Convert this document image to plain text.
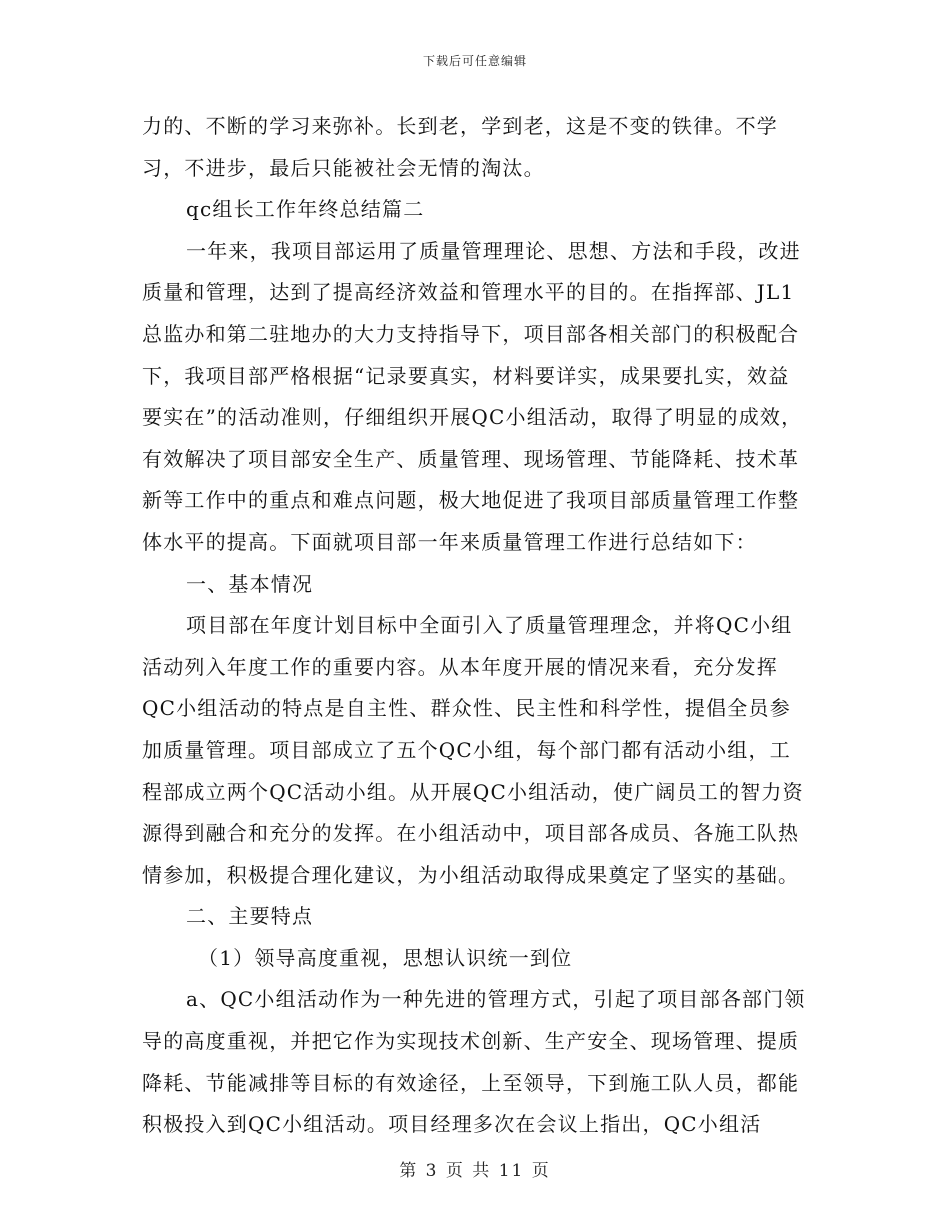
下载后可任意编辑

力的、不断的学习来弥补。长到老，学到老，这是不变的铁律。不学习，不进步，最后只能被社会无情的淘汰。

qc组长工作年终总结篇二

一年来，我项目部运用了质量管理理论、思想、方法和手段，改进质量和管理，达到了提高经济效益和管理水平的目的。在指挥部、JL1总监办和第二驻地办的大力支持指导下，项目部各相关部门的积极配合下，我项目部严格根据“记录要真实，材料要详实，成果要扎实，效益要实在”的活动准则，仔细组织开展QC小组活动，取得了明显的成效，有效解决了项目部安全生产、质量管理、现场管理、节能降耗、技术革新等工作中的重点和难点问题，极大地促进了我项目部质量管理工作整体水平的提高。下面就项目部一年来质量管理工作进行总结如下：

一、基本情况

项目部在年度计划目标中全面引入了质量管理理念，并将QC小组活动列入年度工作的重要内容。从本年度开展的情况来看，充分发挥QC小组活动的特点是自主性、群众性、民主性和科学性，提倡全员参加质量管理。项目部成立了五个QC小组，每个部门都有活动小组，工程部成立两个QC活动小组。从开展QC小组活动，使广阔员工的智力资源得到融合和充分的发挥。在小组活动中，项目部各成员、各施工队热情参加，积极提合理化建议，为小组活动取得成果奠定了坚实的基础。

二、主要特点

（1）领导高度重视，思想认识统一到位

a、QC小组活动作为一种先进的管理方式，引起了项目部各部门领导的高度重视，并把它作为实现技术创新、生产安全、现场管理、提质降耗、节能减排等目标的有效途径，上至领导，下到施工队人员，都能积极投入到QC小组活动。项目经理多次在会议上指出，QC小组活

第 3 页 共 11 页
